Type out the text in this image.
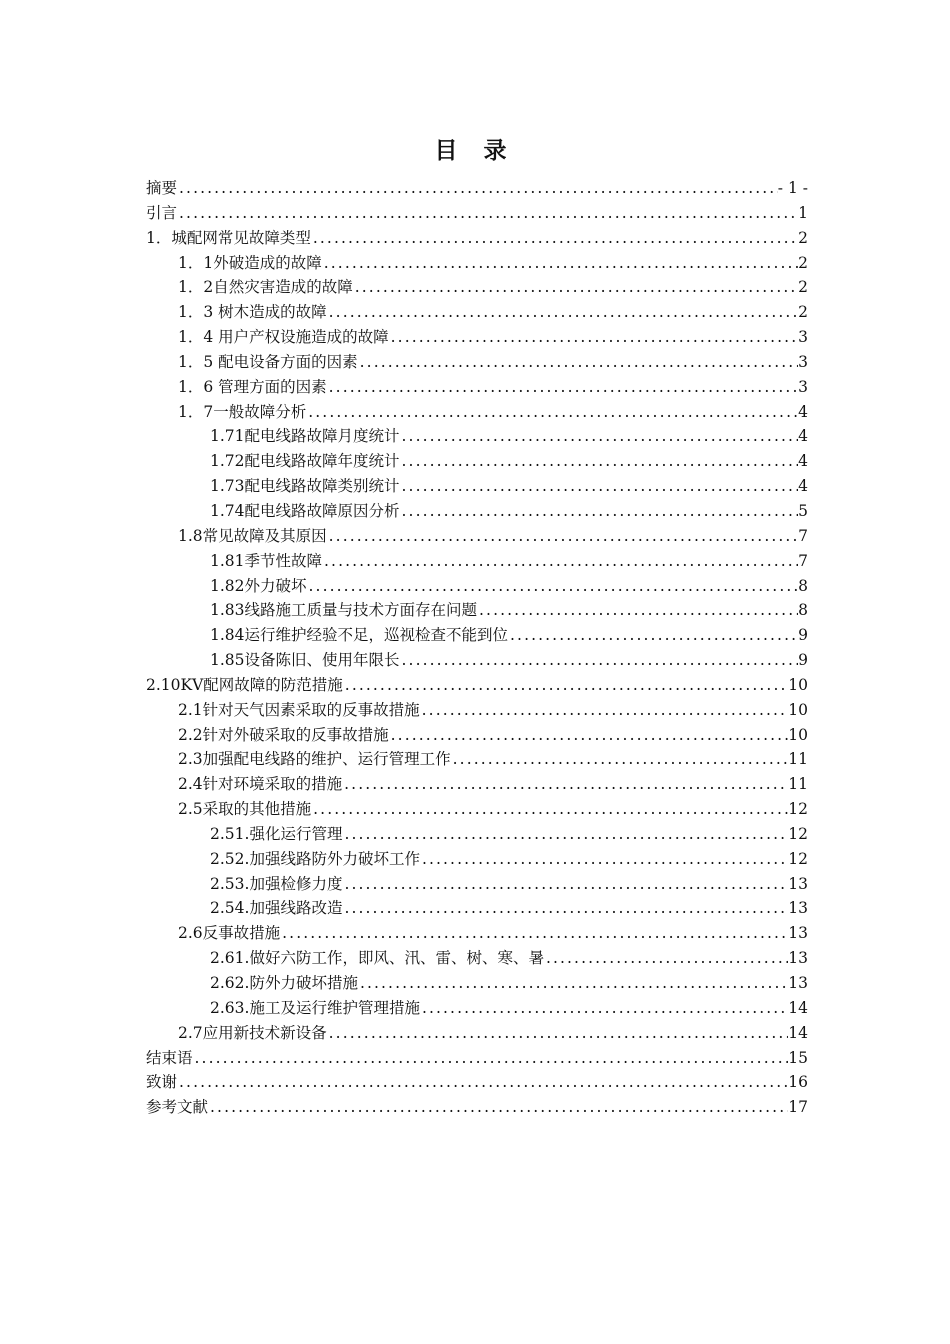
目 录
摘要 .....	- 1 -
引言 .....	1
1．城配网常见故障类型 .....	2
1．1外破造成的故障 .....	2
1．2自然灾害造成的故障 .....	2
1．3 树木造成的故障 .....	2
1．4 用户产权设施造成的故障 .....	3
1．5 配电设备方面的因素 .....	3
1．6 管理方面的因素 .....	3
1．7一般故障分析 .....	4
1.71配电线路故障月度统计 .....	4
1.72配电线路故障年度统计 .....	4
1.73配电线路故障类别统计 .....	4
1.74配电线路故障原因分析 .....	5
1.8常见故障及其原因 .....	7
1.81季节性故障 .....	7
1.82外力破坏 .....	8
1.83线路施工质量与技术方面存在问题 .....	8
1.84运行维护经验不足，巡视检查不能到位 .....	9
1.85设备陈旧、使用年限长 .....	9
2.10KV配网故障的防范措施 .....	10
2.1针对天气因素采取的反事故措施 .....	10
2.2针对外破采取的反事故措施 .....	10
2.3加强配电线路的维护、运行管理工作 .....	11
2.4针对环境采取的措施 .....	11
2.5采取的其他措施 .....	12
2.51.强化运行管理 .....	12
2.52.加强线路防外力破坏工作 .....	12
2.53.加强检修力度 .....	13
2.54.加强线路改造 .....	13
2.6反事故措施 .....	13
2.61.做好六防工作，即风、汛、雷、树、寒、暑 .....	13
2.62.防外力破坏措施 .....	13
2.63.施工及运行维护管理措施 .....	14
2.7应用新技术新设备 .....	14
结束语 .....	15
致谢 .....	16
参考文献 .....	17
